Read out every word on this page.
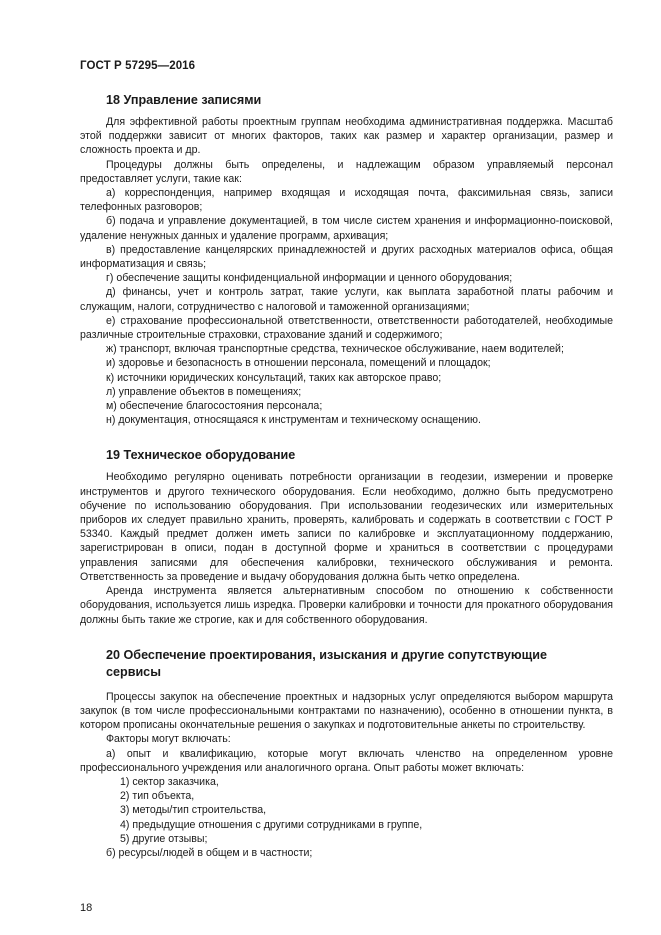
ГОСТ Р 57295—2016
18 Управление записями

Для эффективной работы проектным группам необходима административная поддержка. Масштаб этой поддержки зависит от многих факторов, таких как размер и характер организации, размер и сложность проекта и др.

Процедуры должны быть определены, и надлежащим образом управляемый персонал предоставляет услуги, такие как:

а) корреспонденция, например входящая и исходящая почта, факсимильная связь, записи телефонных разговоров;

б) подача и управление документацией, в том числе систем хранения и информационно-поисковой, удаление ненужных данных и удаление программ, архивация;

в) предоставление канцелярских принадлежностей и других расходных материалов офиса, общая информатизация и связь;

г) обеспечение защиты конфиденциальной информации и ценного оборудования;

д) финансы, учет и контроль затрат, такие услуги, как выплата заработной платы рабочим и служащим, налоги, сотрудничество с налоговой и таможенной организациями;

е) страхование профессиональной ответственности, ответственности работодателей, необходимые различные строительные страховки, страхование зданий и содержимого;

ж) транспорт, включая транспортные средства, техническое обслуживание, наем водителей;

и) здоровье и безопасность в отношении персонала, помещений и площадок;

к) источники юридических консультаций, таких как авторское право;

л) управление объектов в помещениях;

м) обеспечение благосостояния персонала;

н) документация, относящаяся к инструментам и техническому оснащению.

19 Техническое оборудование

Необходимо регулярно оценивать потребности организации в геодезии, измерении и проверке инструментов и другого технического оборудования. Если необходимо, должно быть предусмотрено обучение по использованию оборудования. При использовании геодезических или измерительных приборов их следует правильно хранить, проверять, калибровать и содержать в соответствии с ГОСТ Р 53340. Каждый предмет должен иметь записи по калибровке и эксплуатационному поддержанию, зарегистрирован в описи, подан в доступной форме и храниться в соответствии с процедурами управления записями для обеспечения калибровки, технического обслуживания и ремонта. Ответственность за проведение и выдачу оборудования должна быть четко определена.

Аренда инструмента является альтернативным способом по отношению к собственности оборудования, используется лишь изредка. Проверки калибровки и точности для прокатного оборудования должны быть такие же строгие, как и для собственного оборудования.

20 Обеспечение проектирования, изыскания и другие сопутствующие
сервисы

Процессы закупок на обеспечение проектных и надзорных услуг определяются выбором маршрута закупок (в том числе профессиональными контрактами по назначению), особенно в отношении пункта, в котором прописаны окончательные решения о закупках и подготовительные анкеты по строительству.

Факторы могут включать:

а) опыт и квалификацию, которые могут включать членство на определенном уровне профессионального учреждения или аналогичного органа. Опыт работы может включать:

1) сектор заказчика,

2) тип объекта,

3) методы/тип строительства,

4) предыдущие отношения с другими сотрудниками в группе,

5) другие отзывы;

б) ресурсы/людей в общем и в частности;

18
